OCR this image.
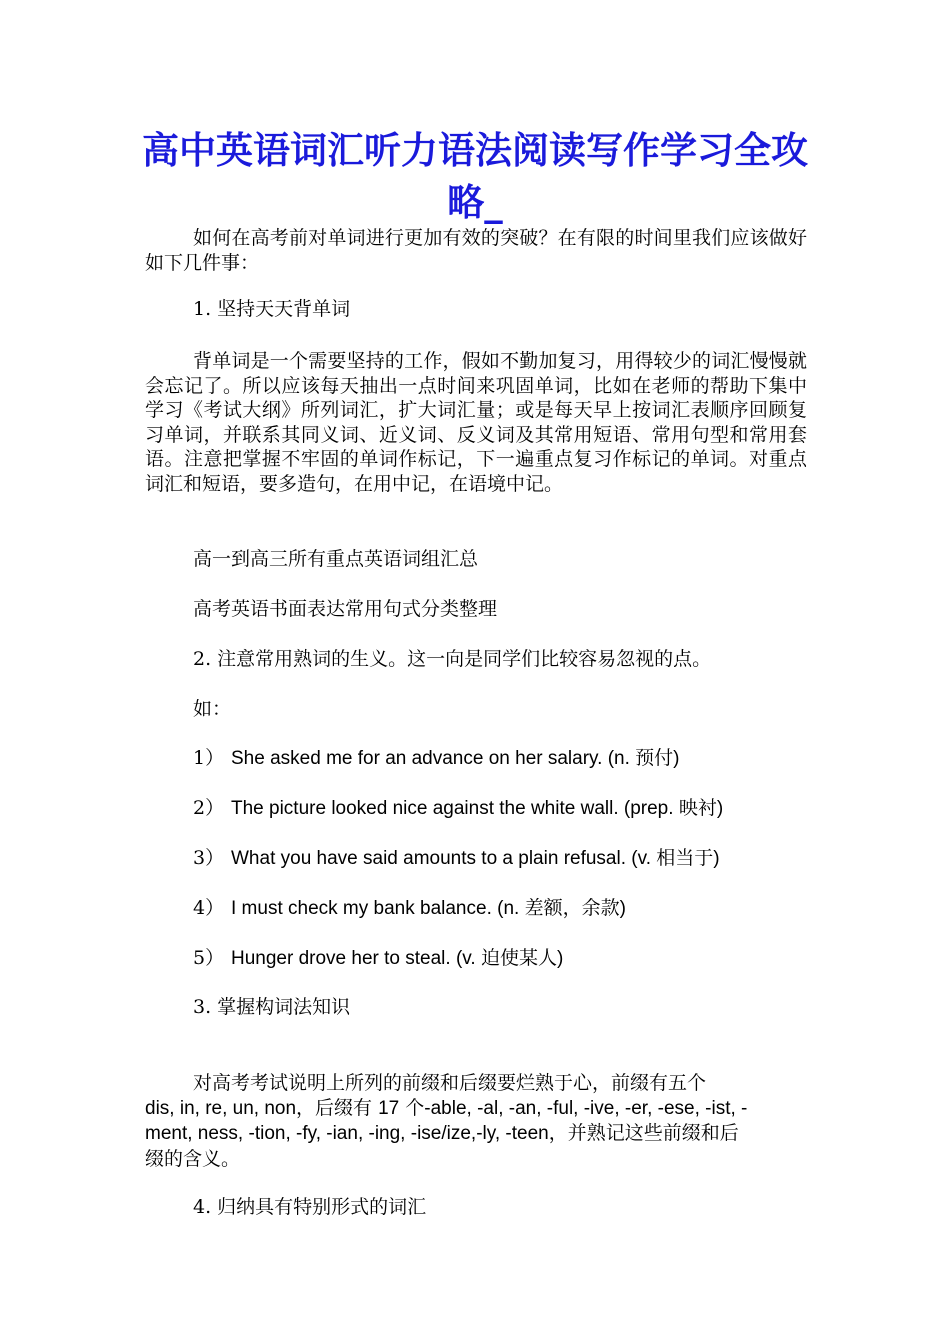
高中英语词汇听力语法阅读写作学习全攻略_

如何在高考前对单词进行更加有效的突破？在有限的时间里我们应该做好如下几件事：

1. 坚持天天背单词

背单词是一个需要坚持的工作，假如不勤加复习，用得较少的词汇慢慢就会忘记了。所以应该每天抽出一点时间来巩固单词，比如在老师的帮助下集中学习《考试大纲》所列词汇，扩大词汇量；或是每天早上按词汇表顺序回顾复习单词，并联系其同义词、近义词、反义词及其常用短语、常用句型和常用套语。注意把掌握不牢固的单词作标记，下一遍重点复习作标记的单词。对重点词汇和短语，要多造句，在用中记，在语境中记。

高一到高三所有重点英语词组汇总

高考英语书面表达常用句式分类整理

2. 注意常用熟词的生义。这一向是同学们比较容易忽视的点。

如：

1） She asked me for an advance on her salary. (n. 预付)

2） The picture looked nice against the white wall. (prep. 映衬)

3） What you have said amounts to a plain refusal. (v. 相当于)

4） I must check my bank balance. (n. 差额，余款)

5） Hunger drove her to steal. (v. 迫使某人)

3. 掌握构词法知识

对高考考试说明上所列的前缀和后缀要烂熟于心，前缀有五个
dis, in, re, un, non，后缀有 17 个-able, -al, -an, -ful, -ive, -er, -ese, -ist, -
ment, ness, -tion, -fy, -ian, -ing, -ise/ize,-ly, -teen，并熟记这些前缀和后
缀的含义。

4. 归纳具有特别形式的词汇
